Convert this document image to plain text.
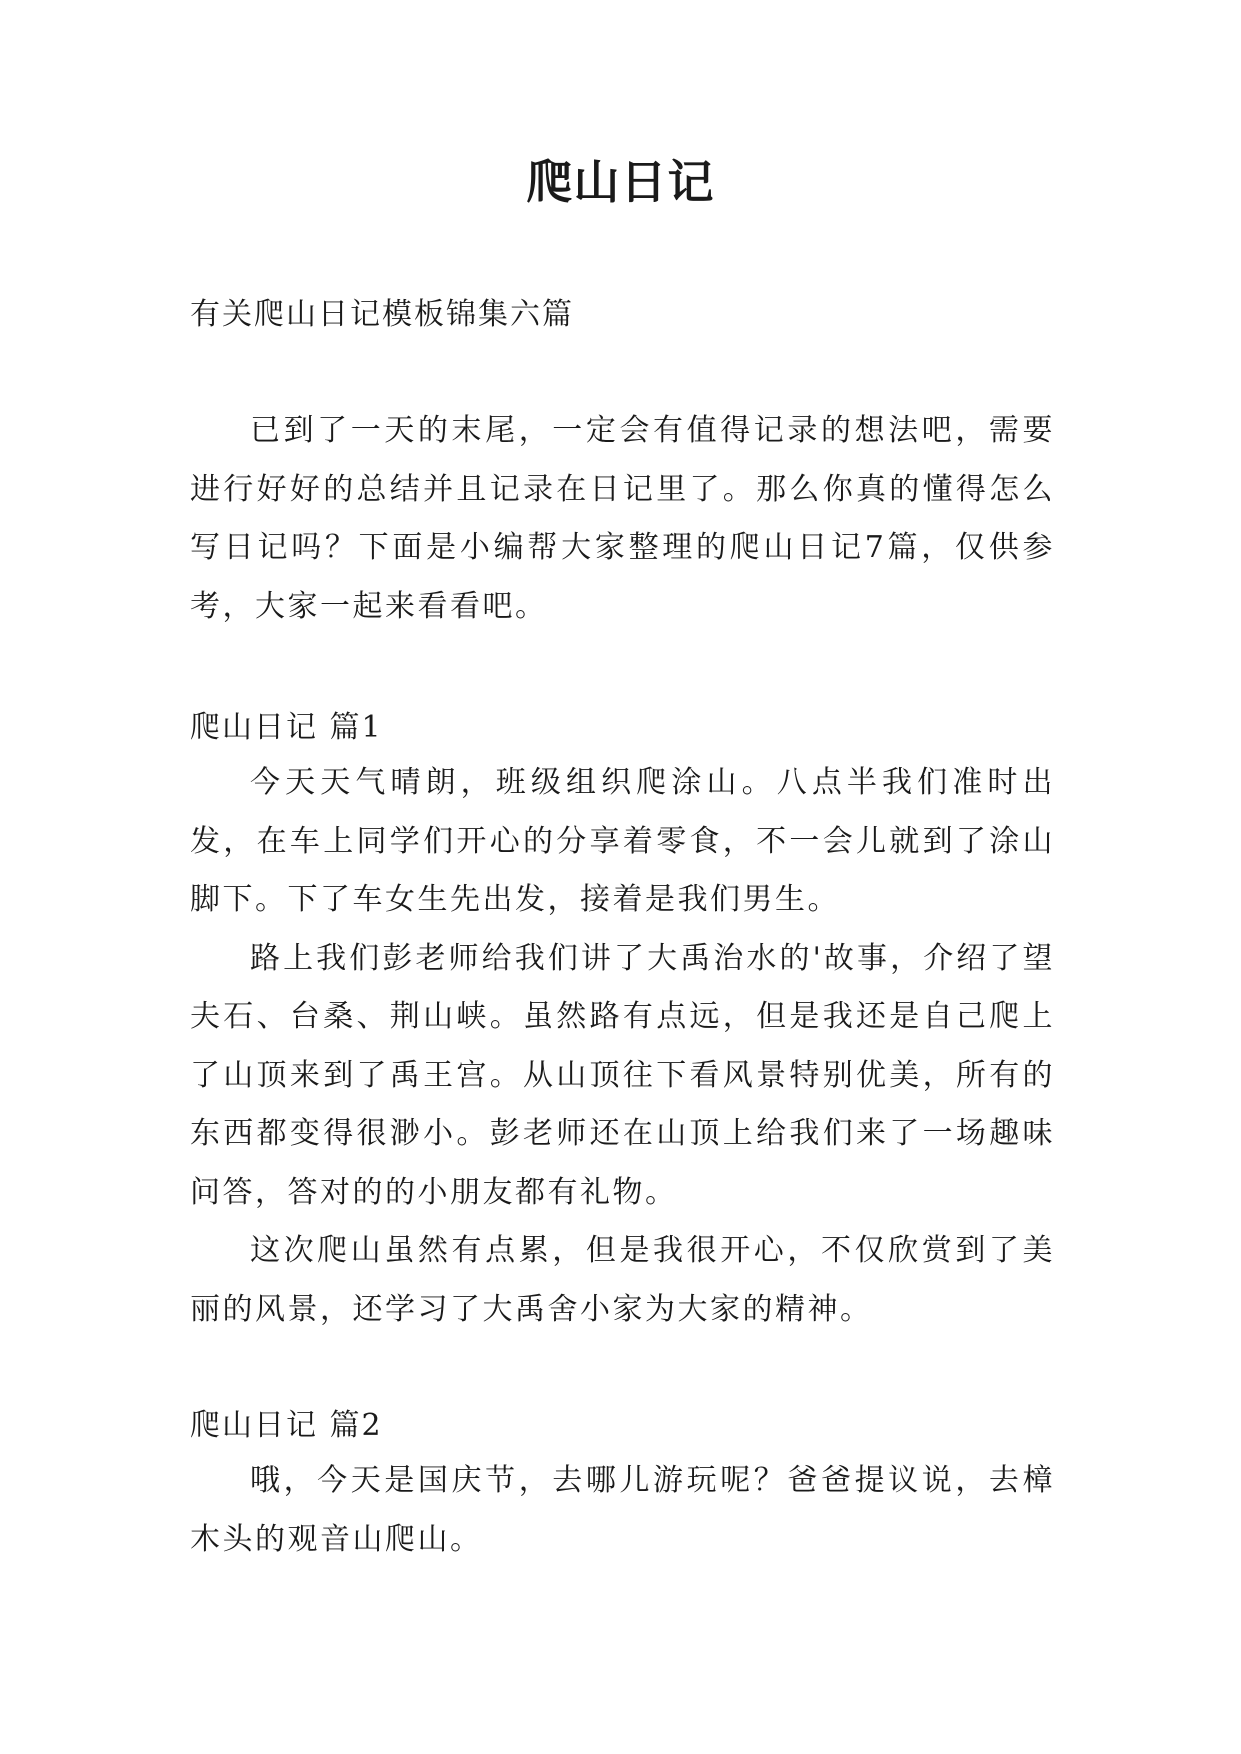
爬山日记
有关爬山日记模板锦集六篇

已到了一天的末尾，一定会有值得记录的想法吧，需要进行好好的总结并且记录在日记里了。那么你真的懂得怎么写日记吗？下面是小编帮大家整理的爬山日记7篇，仅供参考，大家一起来看看吧。

爬山日记 篇1

今天天气晴朗，班级组织爬涂山。八点半我们准时出发，在车上同学们开心的分享着零食，不一会儿就到了涂山脚下。下了车女生先出发，接着是我们男生。

路上我们彭老师给我们讲了大禹治水的'故事，介绍了望夫石、台桑、荆山峡。虽然路有点远，但是我还是自己爬上了山顶来到了禹王宫。从山顶往下看风景特别优美，所有的东西都变得很渺小。彭老师还在山顶上给我们来了一场趣味问答，答对的的小朋友都有礼物。

这次爬山虽然有点累，但是我很开心，不仅欣赏到了美丽的风景，还学习了大禹舍小家为大家的精神。

爬山日记 篇2

哦，今天是国庆节，去哪儿游玩呢？爸爸提议说，去樟木头的观音山爬山。
